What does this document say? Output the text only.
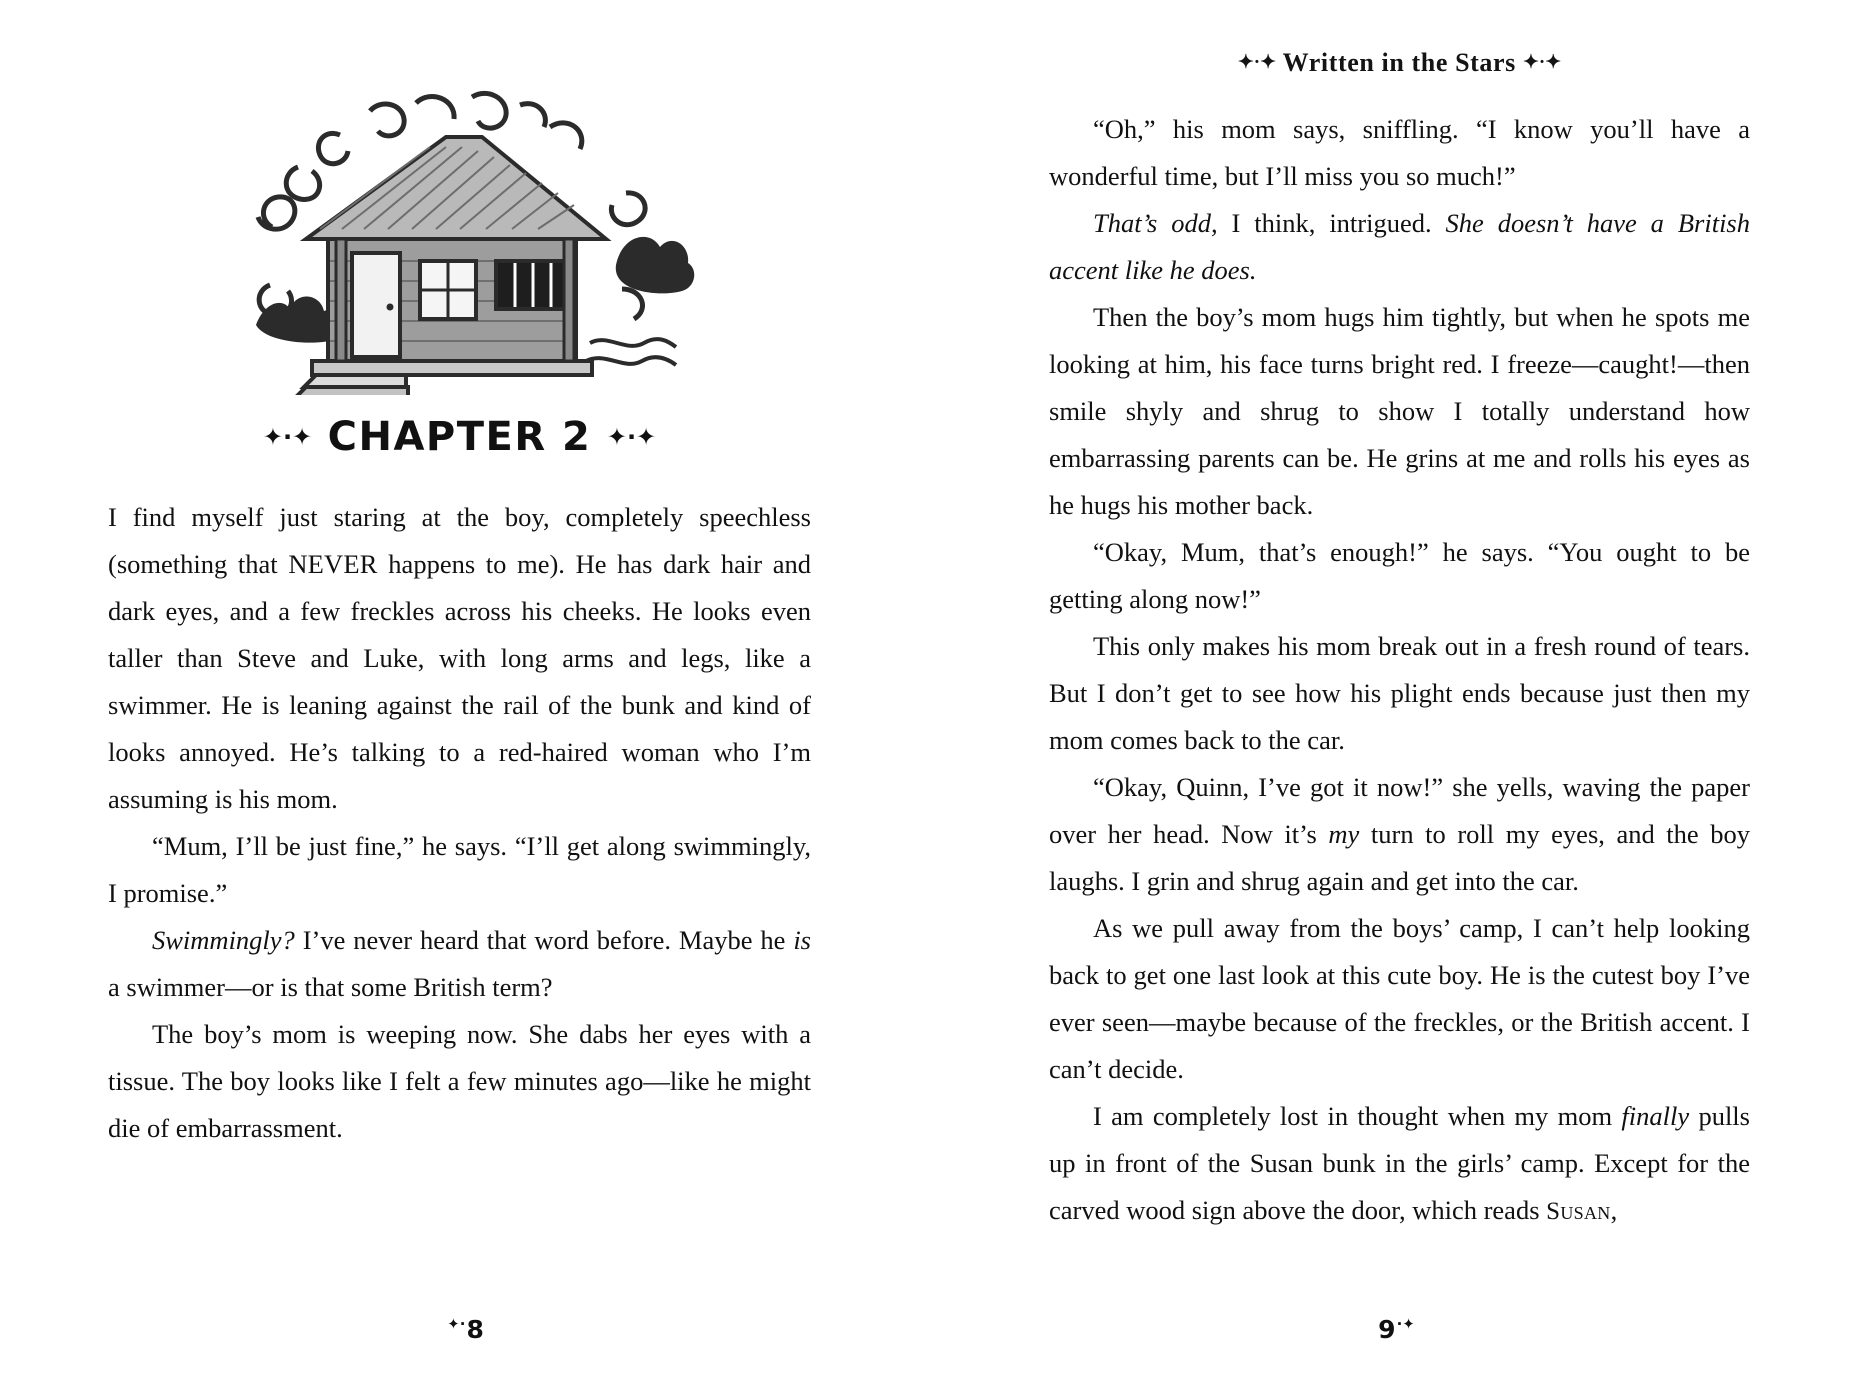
✦·✦ CHAPTER 2 ✦·✦

I find myself just staring at the boy, completely speechless (something that NEVER happens to me). He has dark hair and dark eyes, and a few freckles across his cheeks. He looks even taller than Steve and Luke, with long arms and legs, like a swimmer. He is leaning against the rail of the bunk and kind of looks annoyed. He’s talking to a red-haired woman who I’m assuming is his mom.

“Mum, I’ll be just fine,” he says. “I’ll get along swimmingly, I promise.”

Swimmingly? I’ve never heard that word before. Maybe he is a swimmer—or is that some British term?

The boy’s mom is weeping now. She dabs her eyes with a tissue. The boy looks like I felt a few minutes ago—like he might die of embarrassment.

✦·8
✦·✦ Written in the Stars ✦·✦

“Oh,” his mom says, sniffling. “I know you’ll have a wonderful time, but I’ll miss you so much!”

That’s odd, I think, intrigued. She doesn’t have a British accent like he does.

Then the boy’s mom hugs him tightly, but when he spots me looking at him, his face turns bright red. I freeze—caught!—then smile shyly and shrug to show I totally understand how embarrassing parents can be. He grins at me and rolls his eyes as he hugs his mother back.

“Okay, Mum, that’s enough!” he says. “You ought to be getting along now!”

This only makes his mom break out in a fresh round of tears. But I don’t get to see how his plight ends because just then my mom comes back to the car.

“Okay, Quinn, I’ve got it now!” she yells, waving the paper over her head. Now it’s my turn to roll my eyes, and the boy laughs. I grin and shrug again and get into the car.

As we pull away from the boys’ camp, I can’t help looking back to get one last look at this cute boy. He is the cutest boy I’ve ever seen—maybe because of the freckles, or the British accent. I can’t decide.

I am completely lost in thought when my mom finally pulls up in front of the Susan bunk in the girls’ camp. Except for the carved wood sign above the door, which reads Susan,

9·✦
